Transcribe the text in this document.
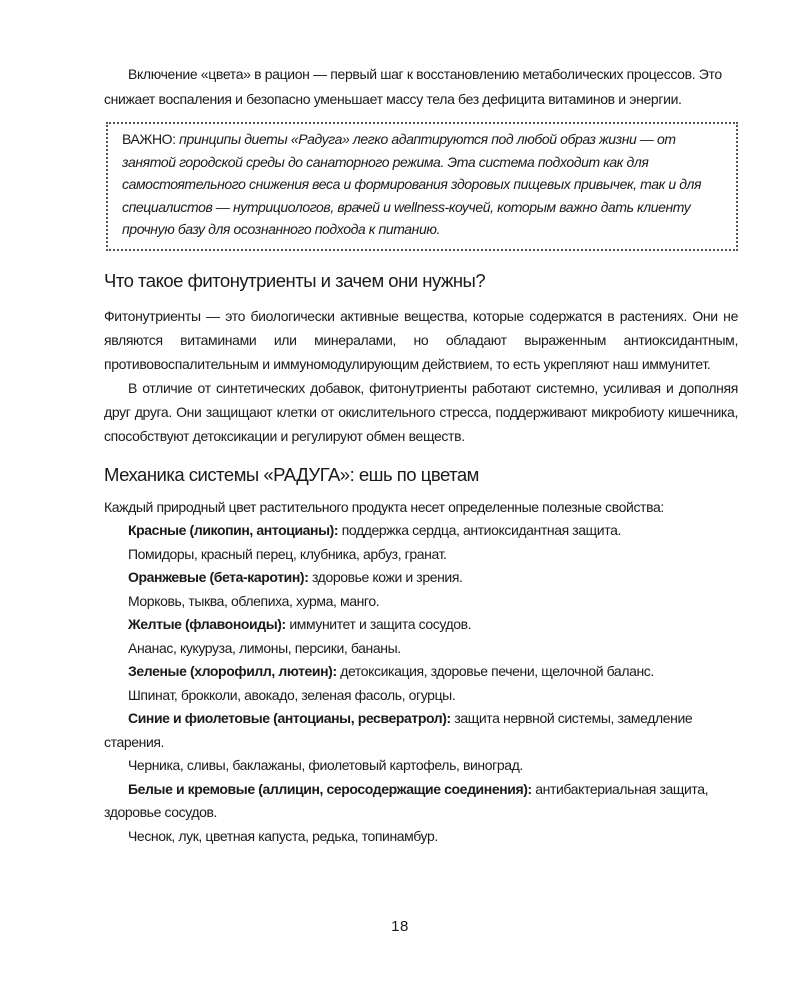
Включение «цвета» в рацион — первый шаг к восстановлению метаболических процессов. Это снижает воспаления и безопасно уменьшает массу тела без дефицита витаминов и энергии.

ВАЖНО: принципы диеты «Радуга» легко адаптируются под любой образ жизни — от занятой городской среды до санаторного режима. Эта система подходит как для самостоятельного снижения веса и формирования здоровых пищевых привычек, так и для специалистов — нутрициологов, врачей и wellness-коучей, которым важно дать клиенту прочную базу для осознанного подхода к питанию.
Что такое фитонутриенты и зачем они нужны?

Фитонутриенты — это биологически активные вещества, которые содержатся в растениях. Они не являются витаминами или минералами, но обладают выраженным антиоксидантным, противовоспалительным и иммуномодулирующим действием, то есть укрепляют наш иммунитет.

В отличие от синтетических добавок, фитонутриенты работают системно, усиливая и дополняя друг друга. Они защищают клетки от окислительного стресса, поддерживают микробиоту кишечника, способствуют детоксикации и регулируют обмен веществ.

Механика системы «РАДУГА»: ешь по цветам
Каждый природный цвет растительного продукта несет определенные полезные свойства:
Красные (ликопин, антоцианы): поддержка сердца, антиоксидантная защита.
Помидоры, красный перец, клубника, арбуз, гранат.
Оранжевые (бета-каротин): здоровье кожи и зрения.
Морковь, тыква, облепиха, хурма, манго.
Желтые (флавоноиды): иммунитет и защита сосудов.
Ананас, кукуруза, лимоны, персики, бананы.
Зеленые (хлорофилл, лютеин): детоксикация, здоровье печени, щелочной баланс.
Шпинат, брокколи, авокадо, зеленая фасоль, огурцы.
Синие и фиолетовые (антоцианы, ресвератрол): защита нервной системы, замедление старения.
Черника, сливы, баклажаны, фиолетовый картофель, виноград.
Белые и кремовые (аллицин, серосодержащие соединения): антибактериальная защита, здоровье сосудов.
Чеснок, лук, цветная капуста, редька, топинамбур.
18
